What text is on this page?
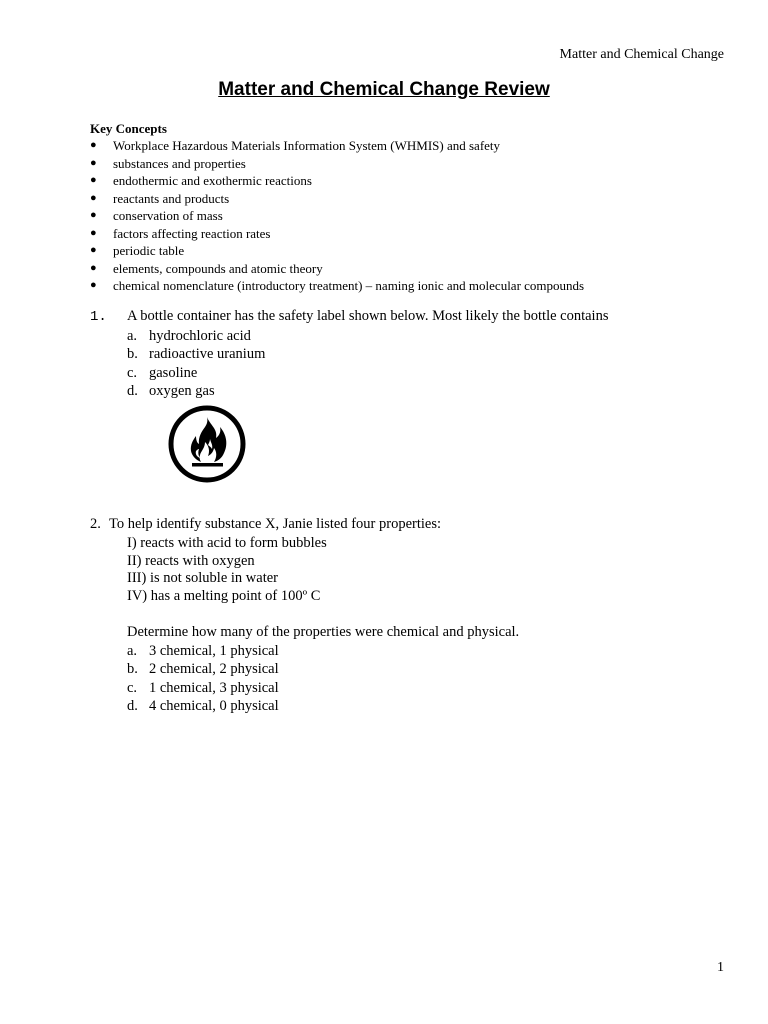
Matter and Chemical Change
Matter and Chemical Change Review
Key Concepts
● Workplace Hazardous Materials Information System (WHMIS) and safety
● substances and properties
● endothermic and exothermic reactions
● reactants and products
● conservation of mass
● factors affecting reaction rates
● periodic table
● elements, compounds and atomic theory
● chemical nomenclature (introductory treatment) – naming ionic and molecular compounds
1. A bottle container has the safety label shown below. Most likely the bottle contains
a. hydrochloric acid
b. radioactive uranium
c. gasoline
d. oxygen gas
2. To help identify substance X, Janie listed four properties:
I) reacts with acid to form bubbles
II) reacts with oxygen
III) is not soluble in water
IV) has a melting point of 100º C
Determine how many of the properties were chemical and physical.
a. 3 chemical, 1 physical
b. 2 chemical, 2 physical
c. 1 chemical, 3 physical
d. 4 chemical, 0 physical
1
